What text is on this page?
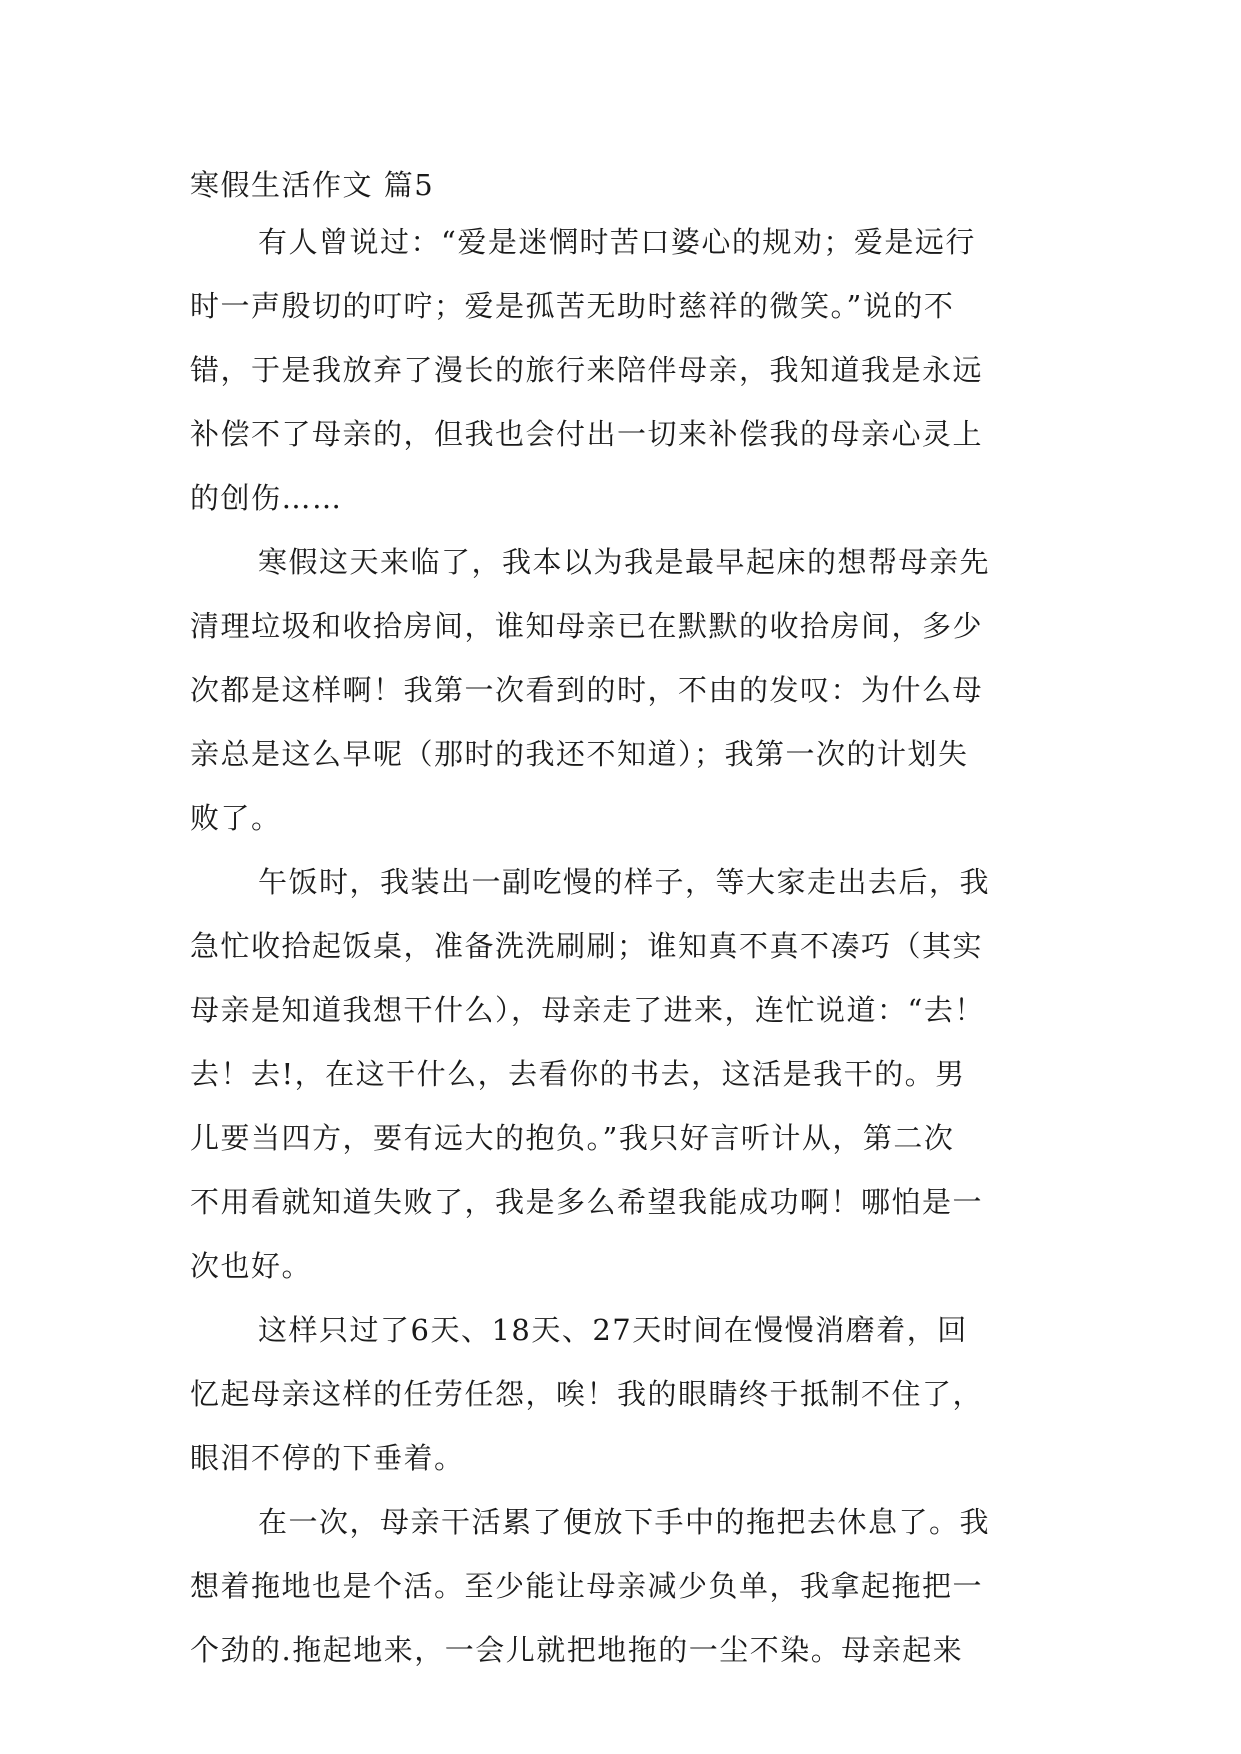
寒假生活作文 篇5
有人曾说过：“爱是迷惘时苦口婆心的规劝；爱是远行
时一声殷切的叮咛；爱是孤苦无助时慈祥的微笑。”说的不
错，于是我放弃了漫长的旅行来陪伴母亲，我知道我是永远
补偿不了母亲的，但我也会付出一切来补偿我的母亲心灵上
的创伤……
寒假这天来临了，我本以为我是最早起床的想帮母亲先
清理垃圾和收拾房间，谁知母亲已在默默的收拾房间，多少
次都是这样啊！我第一次看到的时，不由的发叹：为什么母
亲总是这么早呢（那时的我还不知道）；我第一次的计划失
败了。
午饭时，我装出一副吃慢的样子，等大家走出去后，我
急忙收拾起饭桌，准备洗洗刷刷；谁知真不真不凑巧（其实
母亲是知道我想干什么），母亲走了进来，连忙说道：“去！
去！去!，在这干什么，去看你的书去，这活是我干的。男
儿要当四方，要有远大的抱负。”我只好言听计从，第二次
不用看就知道失败了，我是多么希望我能成功啊！哪怕是一
次也好。
这样只过了6天、18天、27天时间在慢慢消磨着，回
忆起母亲这样的任劳任怨，唉！我的眼睛终于抵制不住了，
眼泪不停的下垂着。
在一次，母亲干活累了便放下手中的拖把去休息了。我
想着拖地也是个活。至少能让母亲减少负单，我拿起拖把一
个劲的.拖起地来，一会儿就把地拖的一尘不染。母亲起来
